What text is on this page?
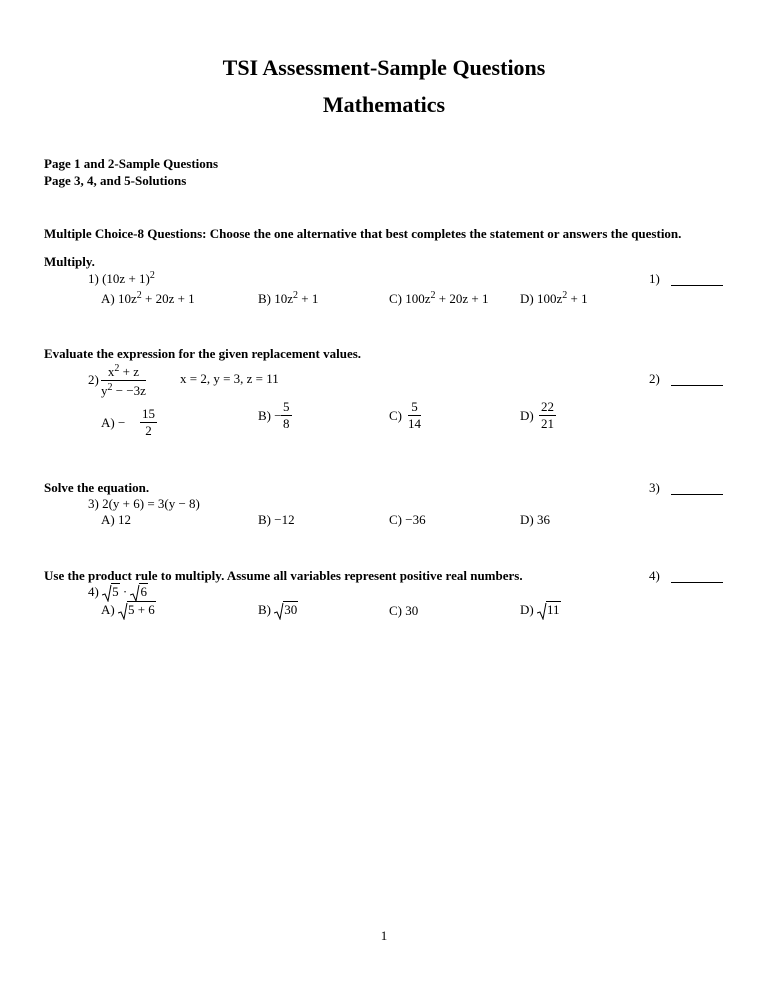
TSI Assessment-Sample Questions
Mathematics
Page 1 and 2-Sample Questions
Page 3, 4, and 5-Solutions
Multiple Choice-8 Questions: Choose the one alternative that best completes the statement or answers the question.
Multiply.
1) $(10z + 1)^2$	1)
A) $10z^2 + 20z + 1$	B) $10z^2 + 1$	C) $100z^2 + 20z + 1$ D) $100z^2 + 1$
Evaluate the expression for the given replacement values.
$2) \frac{x^2 + z}{y^2 - -3z}$	x = 2, y = 3, z = 11	2)
$A) - \frac{15}{2}$	$B) - \frac{5}{8}$	$C) \frac{5}{14}$	$D) \frac{22}{21}$
Solve the equation.	3)
3) 2(y + 6) = 3(y − 8)
A) 12	B) −12	C) −36	D) 36
Use the product rule to multiply. Assume all variables represent positive real numbers.	4)
4) 5 ·
6
A) 5 + 6	B) 30	C) 30	D) 11
1
